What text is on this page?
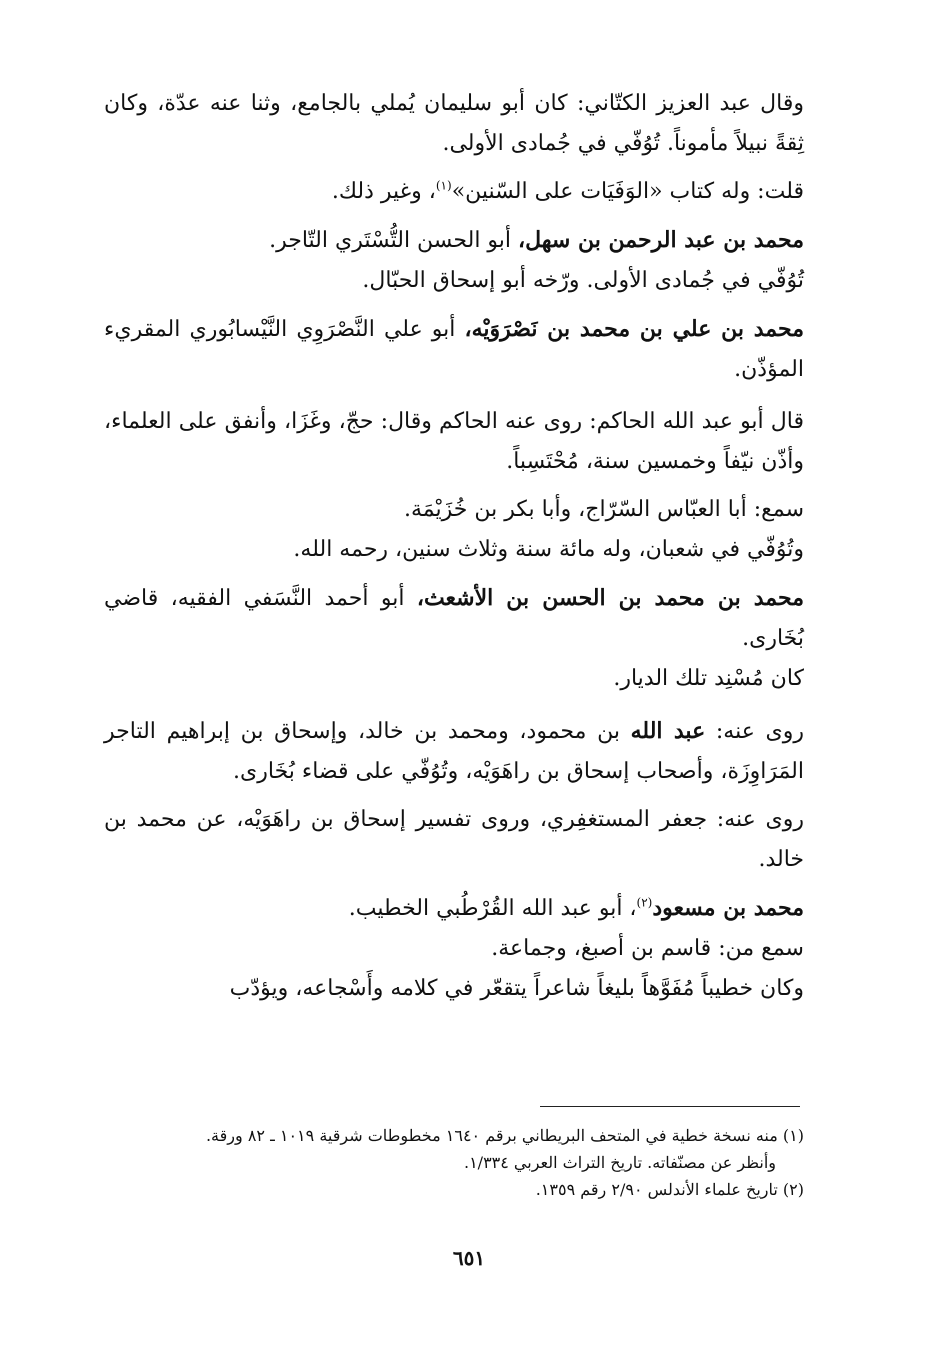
وقال عبد العزيز الكتّاني: كان أبو سليمان يُملي بالجامع، وثنا عنه عدّة، وكان ثِقةً نبيلاً مأموناً. تُوُفّي في جُمادى الأولى.

قلت: وله كتاب «الوَفَيَات على السّنين»$^{(١)}$، وغير ذلك.

محمد بن عبد الرحمن بن سهل، أبو الحسن التُّسْتَري التّاجر.

تُوُفّي في جُمادى الأولى. ورّخه أبو إسحاق الحبّال.

محمد بن علي بن محمد بن نَصْرَوَيْه، أبو علي النَّصْرَوِي النَّيْسابُوري المقريء المؤذّن.

قال أبو عبد الله الحاكم: روى عنه الحاكم وقال: حجّ، وغَزَا، وأنفق على العلماء، وأذّن نيّفاً وخمسين سنة، مُحْتَسِباً.

سمع: أبا العبّاس السّرّاج، وأبا بكر بن خُزَيْمَة.

وتُوُفّي في شعبان، وله مائة سنة وثلاث سنين، رحمه الله.

محمد بن محمد بن الحسن بن الأشعث، أبو أحمد النَّسَفي الفقيه، قاضي بُخَارى.

كان مُسْنِد تلك الديار.

روى عنه: عبد الله بن محمود، ومحمد بن خالد، وإسحاق بن إبراهيم التاجر المَرَاوِزَة، وأصحاب إسحاق بن راهَوَيْه، وتُوُفّي على قضاء بُخَارى.

روى عنه: جعفر المستغفِري، وروى تفسير إسحاق بن راهَوَيْه، عن محمد بن خالد.

محمد بن مسعود$^{(٢)}$، أبو عبد الله القُرْطُبي الخطيب.

سمع من: قاسم بن أصبغ، وجماعة.

وكان خطيباً مُفَوَّهاً بليغاً شاعراً يتقعّر في كلامه وأَسْجاعه، ويؤدّب

(١) منه نسخة خطية في المتحف البريطاني برقم ١٦٤٠ مخطوطات شرقية ١٠١٩ ـ ٨٢ ورقة.

وأنظر عن مصنّفاته. تاريخ التراث العربي ١/٣٣٤.

(٢) تاريخ علماء الأندلس ٢/٩٠ رقم ١٣٥٩.

٦٥١
